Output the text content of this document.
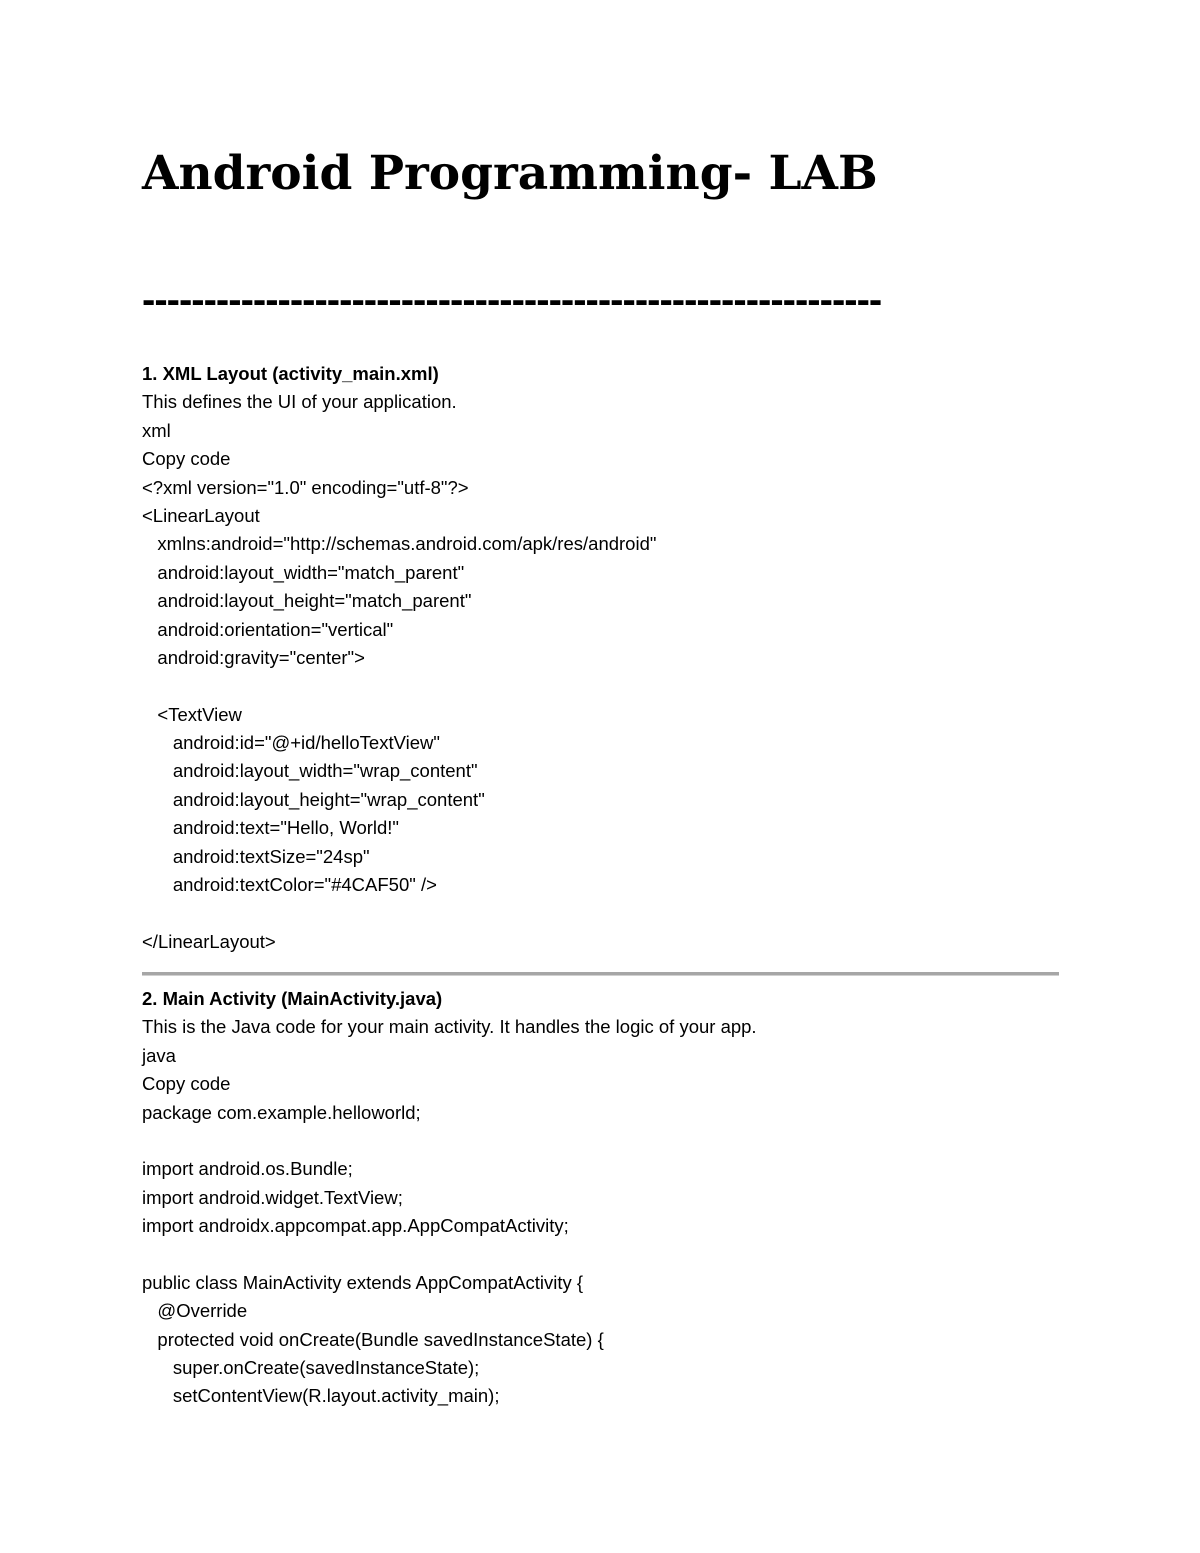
Android Programming- LAB
------------------------------------------------------------
1. XML Layout (activity_main.xml)
This defines the UI of your application.
xml
Copy code
<?xml version="1.0" encoding="utf-8"?>
<LinearLayout
xmlns:android="http://schemas.android.com/apk/res/android"
android:layout_width="match_parent"
android:layout_height="match_parent"
android:orientation="vertical"
android:gravity="center">
<TextView
android:id="@+id/helloTextView"
android:layout_width="wrap_content"
android:layout_height="wrap_content"
android:text="Hello, World!"
android:textSize="24sp"
android:textColor="#4CAF50" />
</LinearLayout>
2. Main Activity (MainActivity.java)
This is the Java code for your main activity. It handles the logic of your app.
java
Copy code
package com.example.helloworld;
import android.os.Bundle;
import android.widget.TextView;
import androidx.appcompat.app.AppCompatActivity;
public class MainActivity extends AppCompatActivity {
@Override
protected void onCreate(Bundle savedInstanceState) {
super.onCreate(savedInstanceState);
setContentView(R.layout.activity_main);
